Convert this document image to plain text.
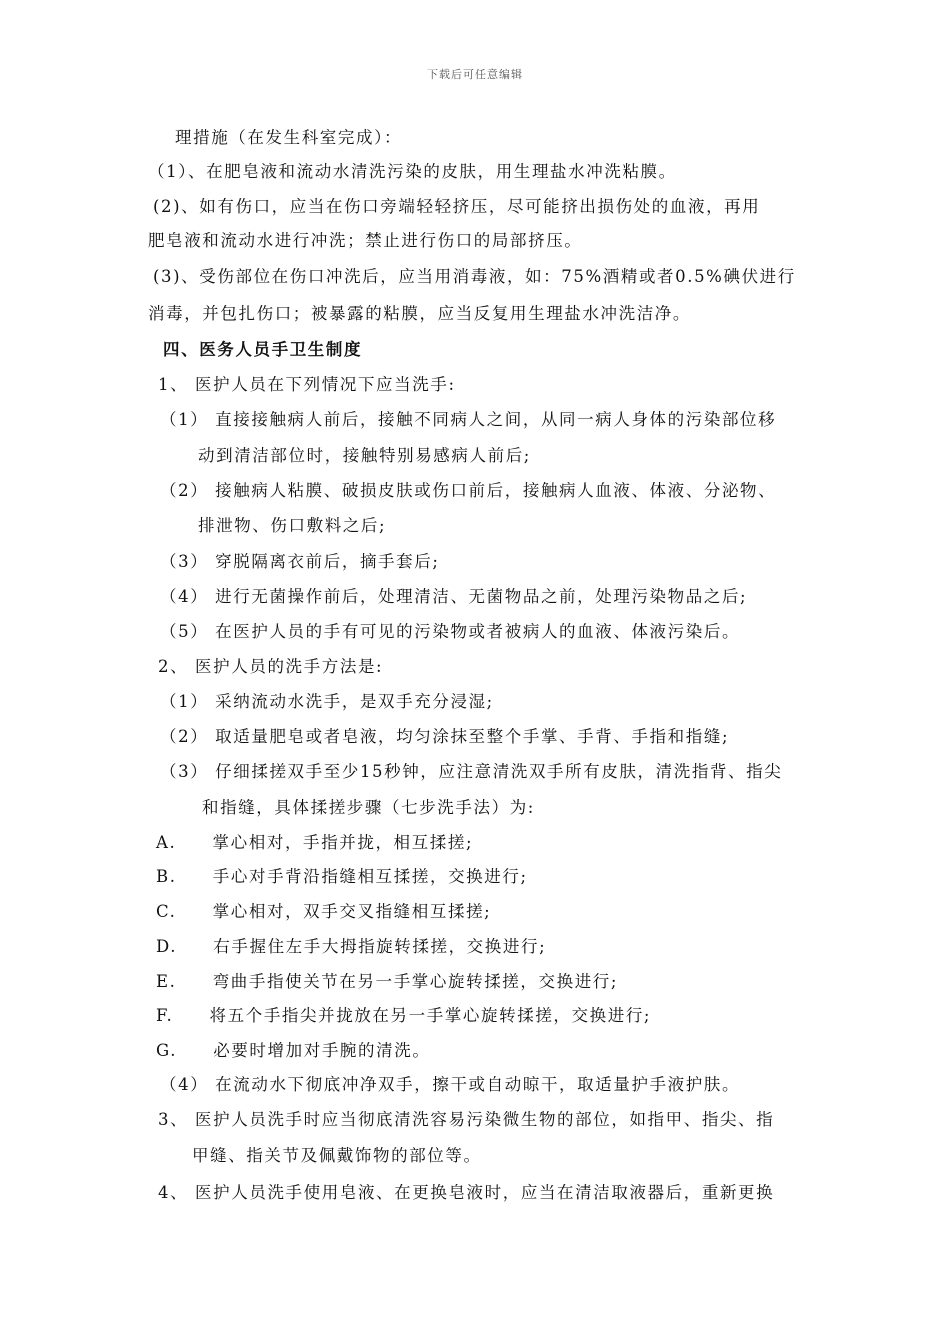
下载后可任意编辑
理措施（在发生科室完成）：
（1）、在肥皂液和流动水清洗污染的皮肤，用生理盐水冲洗粘膜。
(2)、如有伤口，应当在伤口旁端轻轻挤压，尽可能挤出损伤处的血液，再用
肥皂液和流动水进行冲洗；禁止进行伤口的局部挤压。
(3)、受伤部位在伤口冲洗后，应当用消毒液，如：75%酒精或者0.5%碘伏进行
消毒，并包扎伤口；被暴露的粘膜，应当反复用生理盐水冲洗洁净。
四、医务人员手卫生制度
1、 医护人员在下列情况下应当洗手:
（1） 直接接触病人前后，接触不同病人之间，从同一病人身体的污染部位移
动到清洁部位时，接触特别易感病人前后;
（2） 接触病人粘膜、破损皮肤或伤口前后，接触病人血液、体液、分泌物、
排泄物、伤口敷料之后;
（3） 穿脱隔离衣前后，摘手套后;
（4） 进行无菌操作前后，处理清洁、无菌物品之前，处理污染物品之后;
（5） 在医护人员的手有可见的污染物或者被病人的血液、体液污染后。
2、 医护人员的洗手方法是:
（1） 采纳流动水洗手，是双手充分浸湿;
（2） 取适量肥皂或者皂液，均匀涂抹至整个手掌、手背、手指和指缝;
（3） 仔细揉搓双手至少15秒钟，应注意清洗双手所有皮肤，清洗指背、指尖
和指缝，具体揉搓步骤（七步洗手法）为:
A.　　掌心相对，手指并拢，相互揉搓;
B.　　手心对手背沿指缝相互揉搓，交换进行;
C.　　掌心相对，双手交叉指缝相互揉搓;
D.　　右手握住左手大拇指旋转揉搓，交换进行;
E.　　弯曲手指使关节在另一手掌心旋转揉搓，交换进行;
F.　　将五个手指尖并拢放在另一手掌心旋转揉搓，交换进行;
G.　　必要时增加对手腕的清洗。
（4） 在流动水下彻底冲净双手，擦干或自动晾干，取适量护手液护肤。
3、 医护人员洗手时应当彻底清洗容易污染微生物的部位，如指甲、指尖、指
甲缝、指关节及佩戴饰物的部位等。
4、 医护人员洗手使用皂液、在更换皂液时，应当在清洁取液器后，重新更换
